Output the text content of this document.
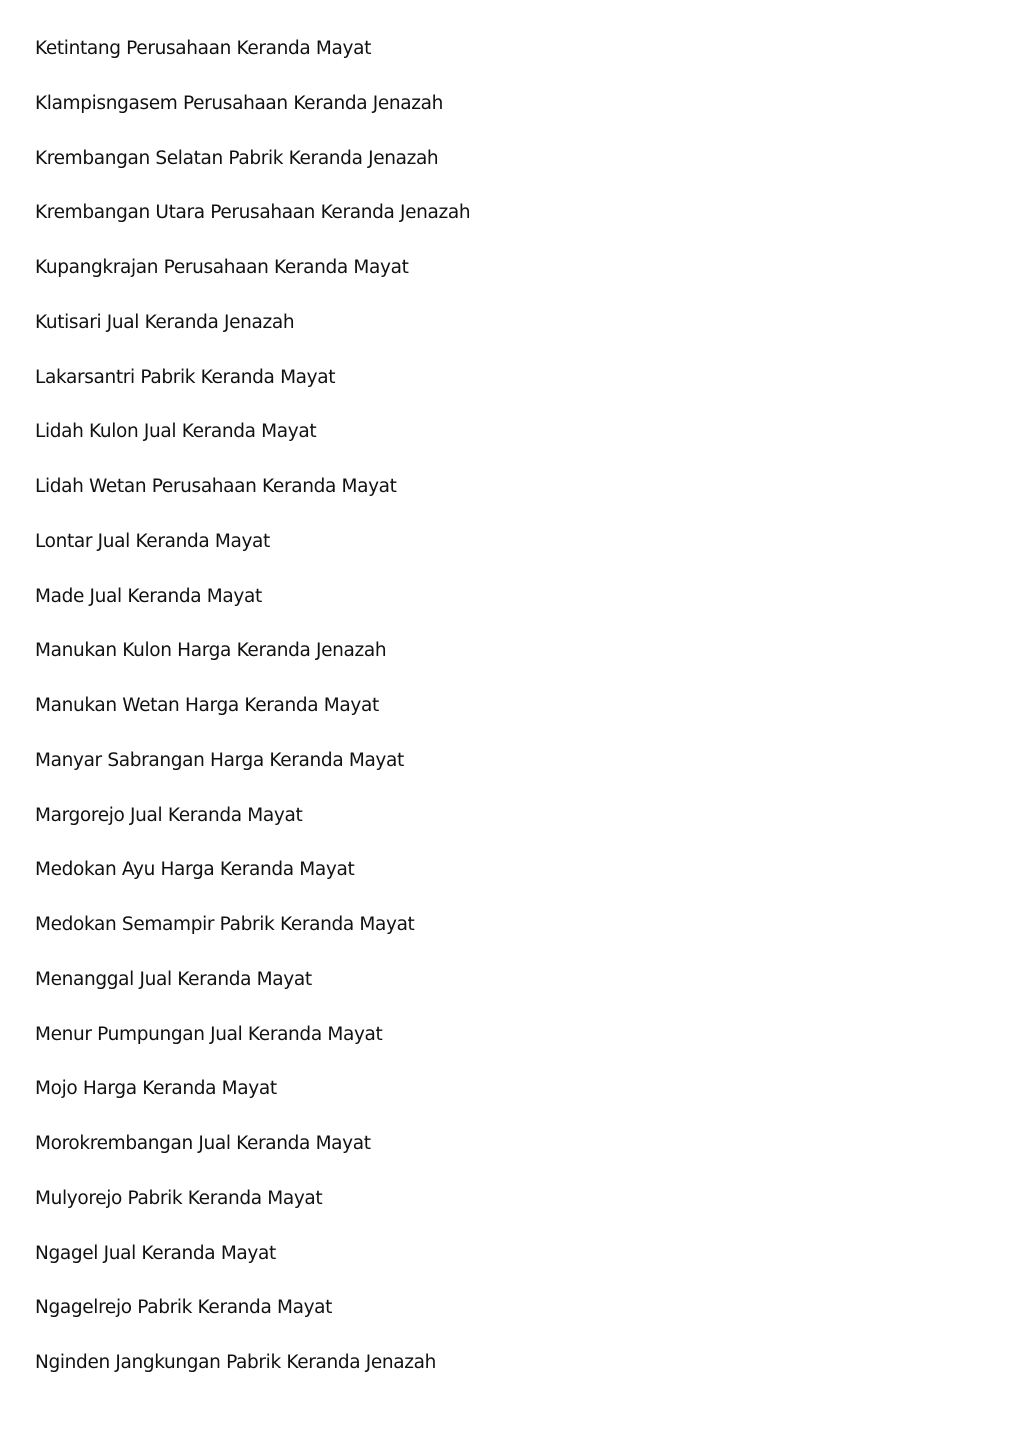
Ketintang Perusahaan Keranda Mayat
Klampisngasem Perusahaan Keranda Jenazah
Krembangan Selatan Pabrik Keranda Jenazah
Krembangan Utara Perusahaan Keranda Jenazah
Kupangkrajan Perusahaan Keranda Mayat
Kutisari Jual Keranda Jenazah
Lakarsantri Pabrik Keranda Mayat
Lidah Kulon Jual Keranda Mayat
Lidah Wetan Perusahaan Keranda Mayat
Lontar Jual Keranda Mayat
Made Jual Keranda Mayat
Manukan Kulon Harga Keranda Jenazah
Manukan Wetan Harga Keranda Mayat
Manyar Sabrangan Harga Keranda Mayat
Margorejo Jual Keranda Mayat
Medokan Ayu Harga Keranda Mayat
Medokan Semampir Pabrik Keranda Mayat
Menanggal Jual Keranda Mayat
Menur Pumpungan Jual Keranda Mayat
Mojo Harga Keranda Mayat
Morokrembangan Jual Keranda Mayat
Mulyorejo Pabrik Keranda Mayat
Ngagel Jual Keranda Mayat
Ngagelrejo Pabrik Keranda Mayat
Nginden Jangkungan Pabrik Keranda Jenazah
